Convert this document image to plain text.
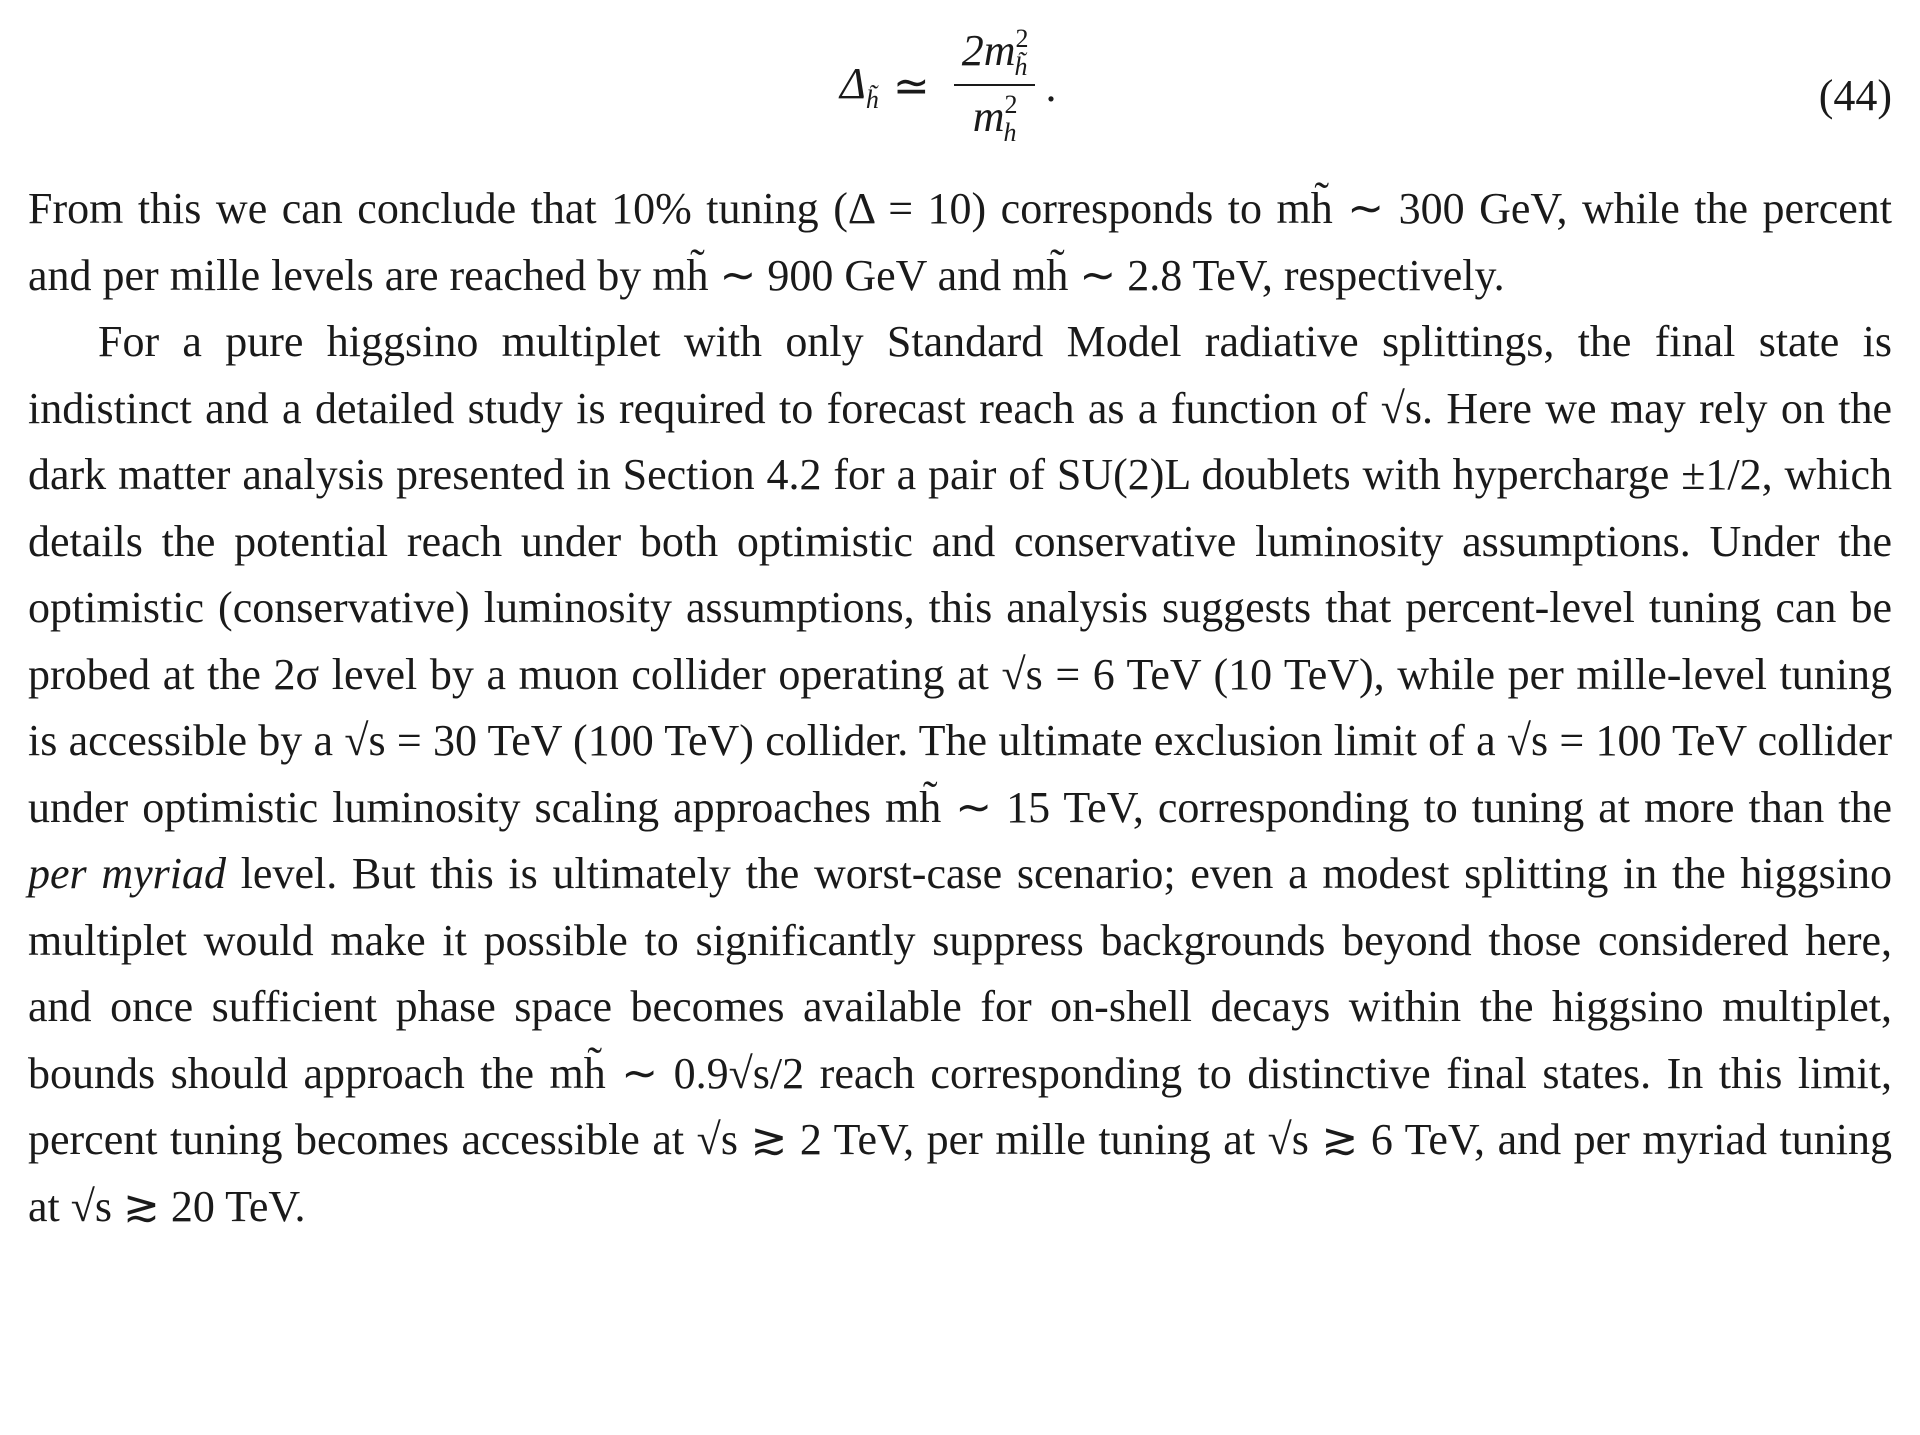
$\Delta_{h̃}$ ≃ $\frac{2m^2_{h̃}}{m^2_h}$ .	(44)

From this we can conclude that 10% tuning (Δ = 10) corresponds to mh̃ ∼ 300 GeV, while the percent and per mille levels are reached by mh̃ ∼ 900 GeV and mh̃ ∼ 2.8 TeV, respectively.

For a pure higgsino multiplet with only Standard Model radiative splittings, the final state is indistinct and a detailed study is required to forecast reach as a function of √s. Here we may rely on the dark matter analysis presented in Section 4.2 for a pair of SU(2)L doublets with hypercharge ±1/2, which details the potential reach under both optimistic and conservative luminosity assumptions. Under the optimistic (conservative) luminosity assumptions, this analysis suggests that percent-level tuning can be probed at the 2σ level by a muon collider operating at √s = 6 TeV (10 TeV), while per mille-level tuning is accessible by a √s = 30 TeV (100 TeV) collider. The ultimate exclusion limit of a √s = 100 TeV collider under optimistic luminosity scaling approaches mh̃ ∼ 15 TeV, corresponding to tuning at more than the per myriad level. But this is ultimately the worst-case scenario; even a modest splitting in the higgsino multiplet would make it possible to significantly suppress backgrounds beyond those considered here, and once sufficient phase space becomes available for on-shell decays within the higgsino multiplet, bounds should approach the mh̃ ∼ 0.9√s/2 reach corresponding to distinctive final states. In this limit, percent tuning becomes accessible at √s ≳ 2 TeV, per mille tuning at √s ≳ 6 TeV, and per myriad tuning at √s ≳ 20 TeV.
